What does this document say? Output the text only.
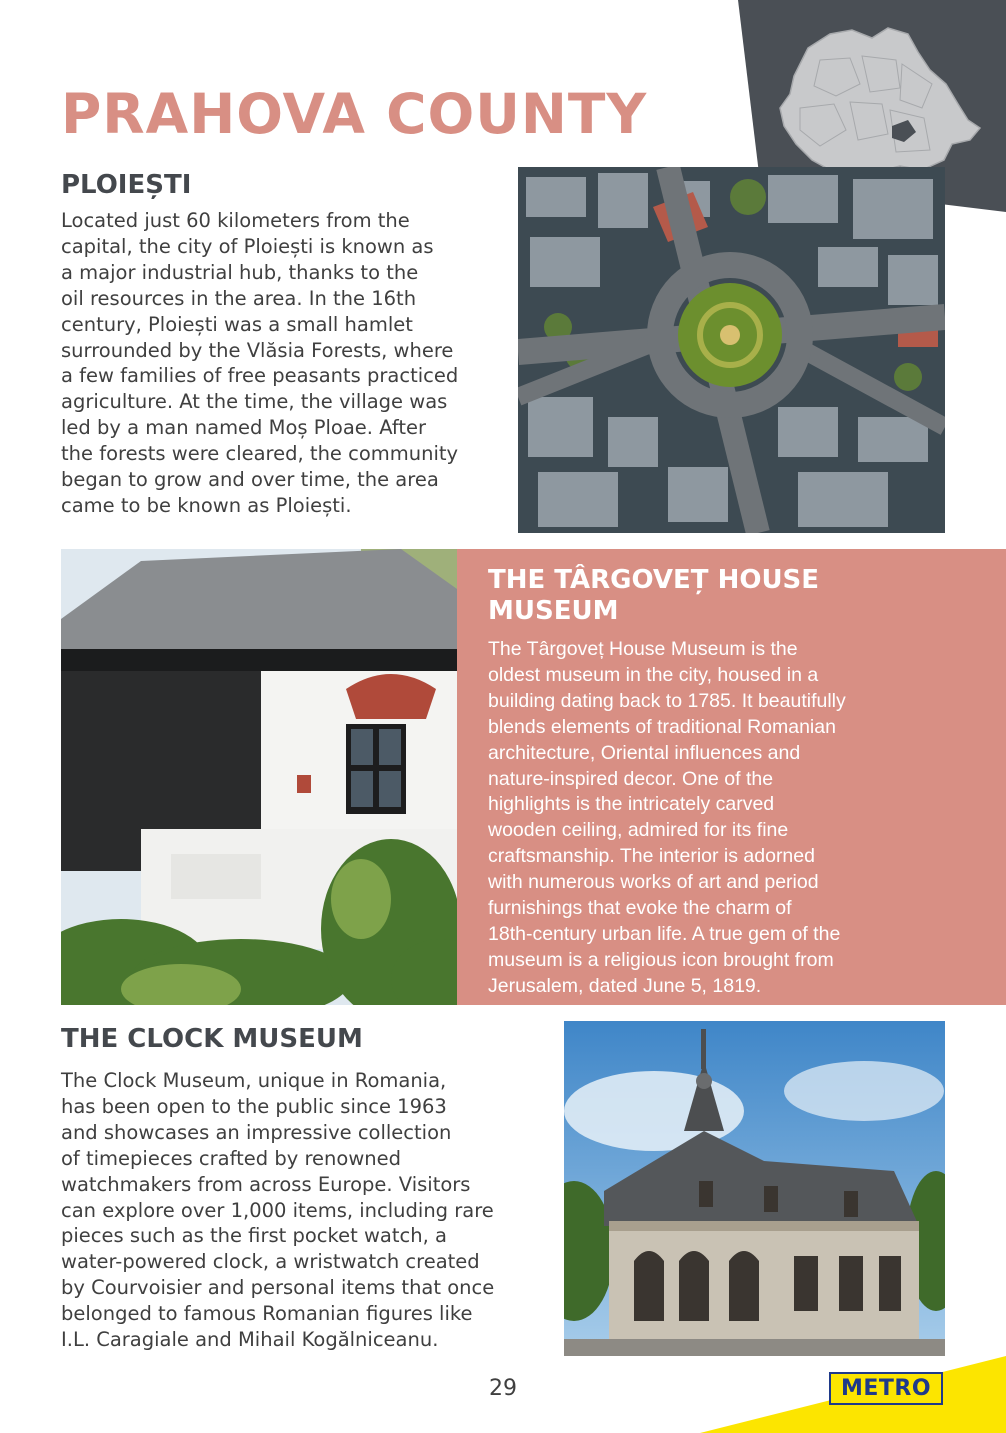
PRAHOVA COUNTY
PLOIEȘTI
Located just 60 kilometers from the
capital, the city of Ploiești is known as
a major industrial hub, thanks to the
oil resources in the area. In the 16th
century, Ploiești was a small hamlet
surrounded by the Vlăsia Forests, where
a few families of free peasants practiced
agriculture. At the time, the village was
led by a man named Moș Ploae. After
the forests were cleared, the community
began to grow and over time, the area
came to be known as Ploiești.
THE TÂRGOVEȚ HOUSE MUSEUM
The Târgoveț House Museum is the
oldest museum in the city, housed in a
building dating back to 1785. It beautifully
blends elements of traditional Romanian
architecture, Oriental influences and
nature-inspired decor. One of the
highlights is the intricately carved
wooden ceiling, admired for its fine
craftsmanship. The interior is adorned
with numerous works of art and period
furnishings that evoke the charm of
18th-century urban life. A true gem of the
museum is a religious icon brought from
Jerusalem, dated June 5, 1819.
THE CLOCK MUSEUM
The Clock Museum, unique in Romania,
has been open to the public since 1963
and showcases an impressive collection
of timepieces crafted by renowned
watchmakers from across Europe. Visitors
can explore over 1,000 items, including rare
pieces such as the first pocket watch, a
water-powered clock, a wristwatch created
by Courvoisier and personal items that once
belonged to famous Romanian figures like
I.L. Caragiale and Mihail Kogălniceanu.
29	METRO
